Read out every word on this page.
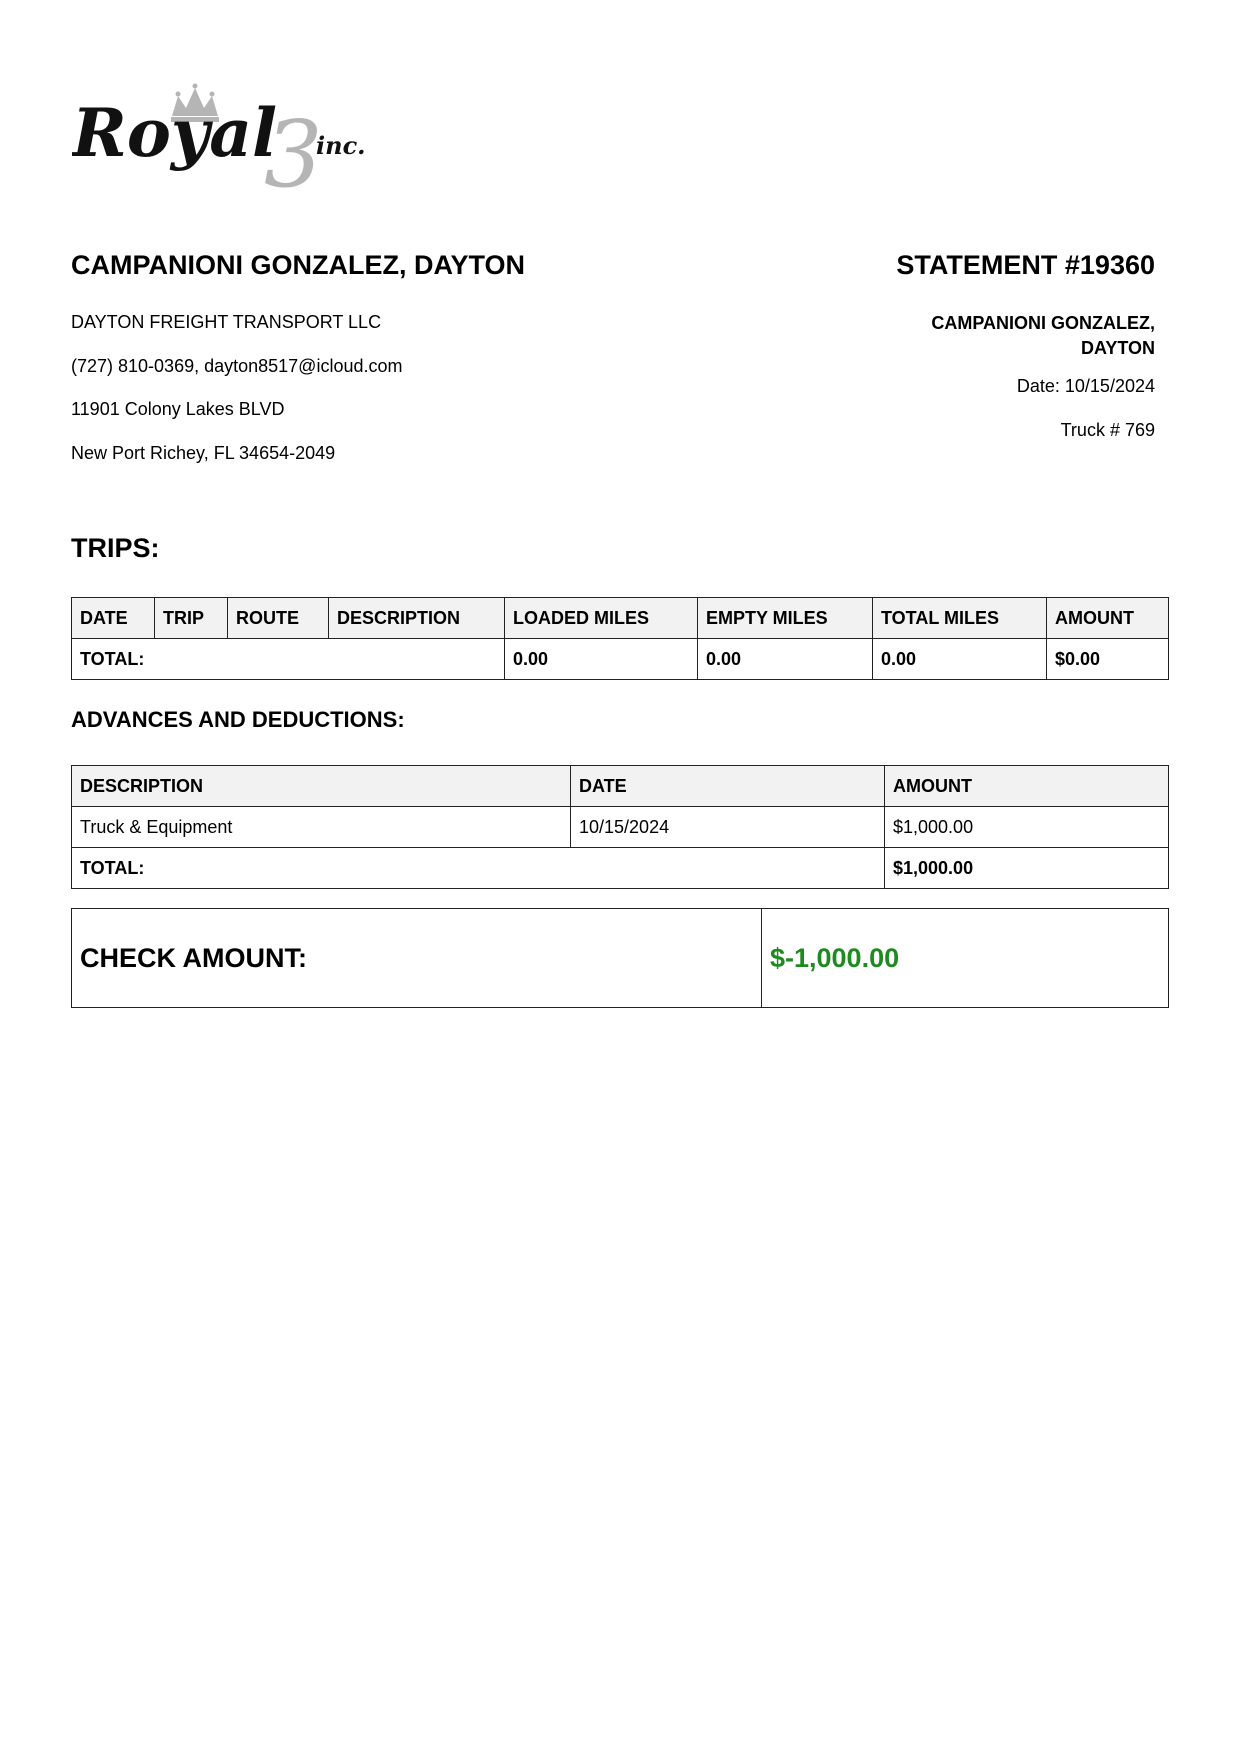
Royal
3
inc.
CAMPANIONI GONZALEZ, DAYTON	STATEMENT #19360
DAYTON FREIGHT TRANSPORT LLC
(727) 810-0369, dayton8517@icloud.com
11901 Colony Lakes BLVD
New Port Richey, FL 34654-2049
CAMPANIONI GONZALEZ,
DAYTON
Date: 10/15/2024
Truck # 769
TRIPS:
DATE	TRIP	ROUTE	DESCRIPTION	LOADED MILES	EMPTY MILES	TOTAL MILES	AMOUNT
TOTAL:				0.00	0.00	0.00	$0.00
ADVANCES AND DEDUCTIONS:
DESCRIPTION	DATE	AMOUNT
Truck & Equipment	10/15/2024	$1,000.00
TOTAL:		$1,000.00
CHECK AMOUNT:	$-1,000.00
